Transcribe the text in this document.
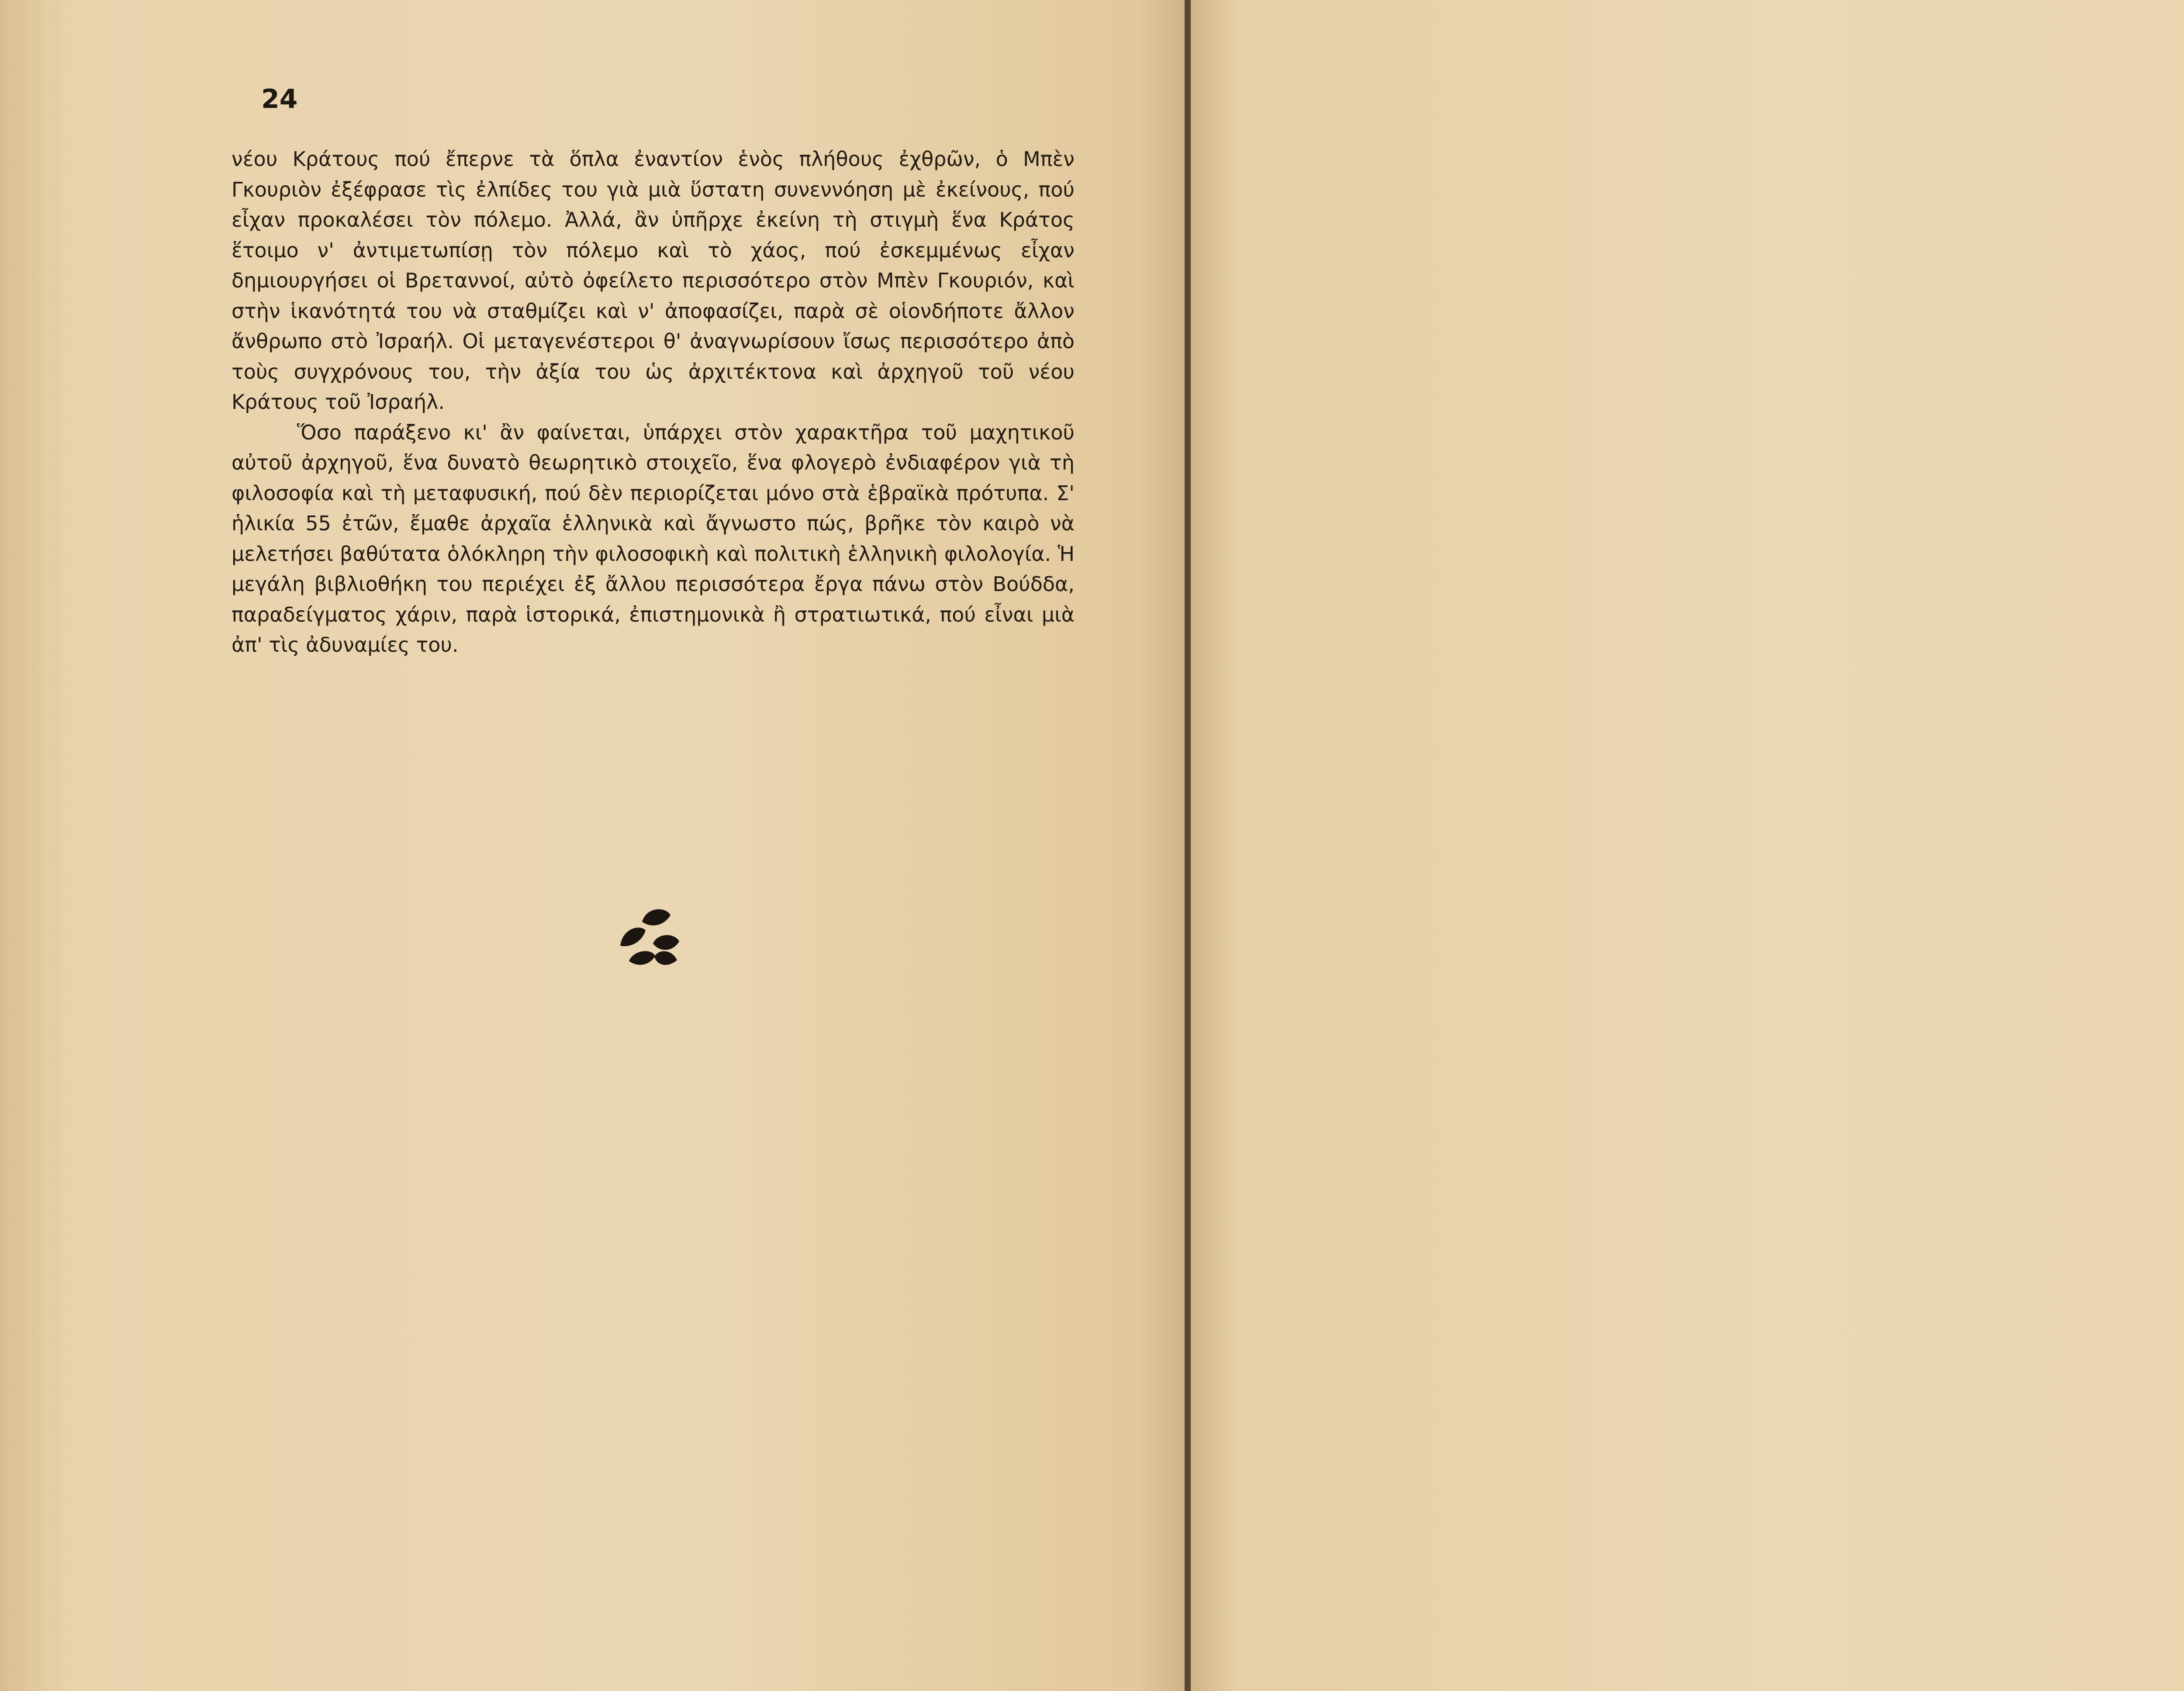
24

νέου Κράτους πού ἔπερνε τὰ ὅπλα ἐναντίον ἑνὸς πλήθους ἐχθρῶν, ὁ Μπὲν Γκουριὸν ἐξέφρασε τὶς ἐλπίδες του γιὰ μιὰ ὕστατη συνεννόηση μὲ ἐκείνους, πού εἶχαν προκαλέσει τὸν πόλεμο. Ἀλλά, ἂν ὑπῆρχε ἐκείνη τὴ στιγμὴ ἕνα Κράτος ἕτοιμο ν' ἀντιμετωπίσῃ τὸν πόλεμο καὶ τὸ χάος, πού ἐσκεμμένως εἶχαν δημιουργήσει οἱ Βρεταννοί, αὐτὸ ὀφείλετο περισσότερο στὸν Μπὲν Γκουριόν, καὶ στὴν ἱκανότητά του νὰ σταθμίζει καὶ ν' ἀποφασίζει, παρὰ σὲ οἱονδήποτε ἄλλον ἄνθρωπο στὸ Ἰσραήλ. Οἱ μεταγενέστεροι θ' ἀναγνωρίσουν ἴσως περισσότερο ἀπὸ τοὺς συγχρόνους του, τὴν ἀξία του ὡς ἀρχιτέκτονα καὶ ἀρχηγοῦ τοῦ νέου Κράτους τοῦ Ἰσραήλ.

Ὅσο παράξενο κι' ἂν φαίνεται, ὑπάρχει στὸν χαρακτῆρα τοῦ μαχητικοῦ αὐτοῦ ἀρχηγοῦ, ἕνα δυνατὸ θεωρητικὸ στοιχεῖο, ἕνα φλογερὸ ἐνδιαφέρον γιὰ τὴ φιλοσοφία καὶ τὴ μεταφυσική, πού δὲν περιορίζεται μόνο στὰ ἑβραϊκὰ πρότυπα. Σ' ἡλικία 55 ἐτῶν, ἔμαθε ἀρχαῖα ἑλληνικὰ καὶ ἄγνωστο πώς, βρῆκε τὸν καιρὸ νὰ μελετήσει βαθύτατα ὁλόκληρη τὴν φιλοσοφικὴ καὶ πολιτικὴ ἑλληνικὴ φιλολογία. Ἡ μεγάλη βιβλιοθήκη του περιέχει ἐξ ἄλλου περισσότερα ἔργα πάνω στὸν Βούδδα, παραδείγματος χάριν, παρὰ ἱστορικά, ἐπιστημονικὰ ἢ στρατιωτικά, πού εἶναι μιὰ ἀπ' τὶς ἀδυναμίες του.
